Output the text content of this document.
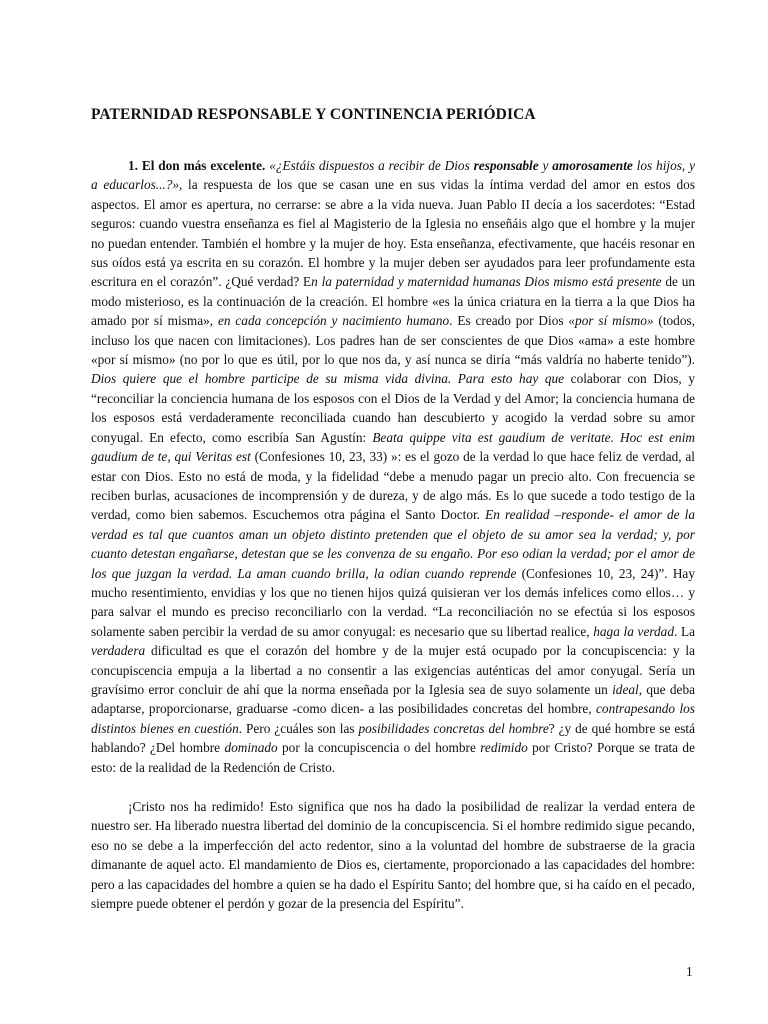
PATERNIDAD RESPONSABLE Y CONTINENCIA PERIÓDICA

1. El don más excelente. «¿Estáis dispuestos a recibir de Dios responsable y amorosamente los hijos, y a educarlos...?», la respuesta de los que se casan une en sus vidas la íntima verdad del amor en estos dos aspectos. El amor es apertura, no cerrarse: se abre a la vida nueva. Juan Pablo II decía a los sacerdotes: “Estad seguros: cuando vuestra enseñanza es fiel al Magisterio de la Iglesia no enseñáis algo que el hombre y la mujer no puedan entender. También el hombre y la mujer de hoy. Esta enseñanza, efectivamente, que hacéis resonar en sus oídos está ya escrita en su corazón. El hombre y la mujer deben ser ayudados para leer profundamente esta escritura en el corazón”. ¿Qué verdad? En la paternidad y maternidad humanas Dios mismo está presente de un modo misterioso, es la continuación de la creación. El hombre «es la única criatura en la tierra a la que Dios ha amado por sí misma», en cada concepción y nacimiento humano. Es creado por Dios «por sí mismo» (todos, incluso los que nacen con limitaciones). Los padres han de ser conscientes de que Dios «ama» a este hombre «por sí mismo» (no por lo que es útil, por lo que nos da, y así nunca se diría “más valdría no haberte tenido”). Dios quiere que el hombre participe de su misma vida divina. Para esto hay que colaborar con Dios, y “reconciliar la conciencia humana de los esposos con el Dios de la Verdad y del Amor; la conciencia humana de los esposos está verdaderamente reconciliada cuando han descubierto y acogido la verdad sobre su amor conyugal. En efecto, como escribía San Agustín: Beata quippe vita est gaudium de veritate. Hoc est enim gaudium de te, qui Veritas est (Confesiones 10, 23, 33) »: es el gozo de la verdad lo que hace feliz de verdad, al estar con Dios. Esto no está de moda, y la fidelidad “debe a menudo pagar un precio alto. Con frecuencia se reciben burlas, acusaciones de incomprensión y de dureza, y de algo más. Es lo que sucede a todo testigo de la verdad, como bien sabemos. Escuchemos otra página el Santo Doctor. En realidad –responde- el amor de la verdad es tal que cuantos aman un objeto distinto pretenden que el objeto de su amor sea la verdad; y, por cuanto detestan engañarse, detestan que se les convenza de su engaño. Por eso odian la verdad; por el amor de los que juzgan la verdad. La aman cuando brilla, la odian cuando reprende (Confesiones 10, 23, 24)”. Hay mucho resentimiento, envidias y los que no tienen hijos quizá quisieran ver los demás infelices como ellos… y para salvar el mundo es preciso reconciliarlo con la verdad. “La reconciliación no se efectúa si los esposos solamente saben percibir la verdad de su amor conyugal: es necesario que su libertad realice, haga la verdad. La verdadera dificultad es que el corazón del hombre y de la mujer está ocupado por la concupiscencia: y la concupiscencia empuja a la libertad a no consentir a las exigencias auténticas del amor conyugal. Sería un gravísimo error concluir de ahí que la norma enseñada por la Iglesia sea de suyo solamente un ideal, que deba adaptarse, proporcionarse, graduarse -como dicen- a las posibilidades concretas del hombre, contrapesando los distintos bienes en cuestión. Pero ¿cuáles son las posibilidades concretas del hombre? ¿y de qué hombre se está hablando? ¿Del hombre dominado por la concupiscencia o del hombre redimido por Cristo? Porque se trata de esto: de la realidad de la Redención de Cristo.

¡Cristo nos ha redimido! Esto significa que nos ha dado la posibilidad de realizar la verdad entera de nuestro ser. Ha liberado nuestra libertad del dominio de la concupiscencia. Si el hombre redimido sigue pecando, eso no se debe a la imperfección del acto redentor, sino a la voluntad del hombre de substraerse de la gracia dimanante de aquel acto. El mandamiento de Dios es, ciertamente, proporcionado a las capacidades del hombre: pero a las capacidades del hombre a quien se ha dado el Espíritu Santo; del hombre que, si ha caído en el pecado, siempre puede obtener el perdón y gozar de la presencia del Espíritu”.

1
